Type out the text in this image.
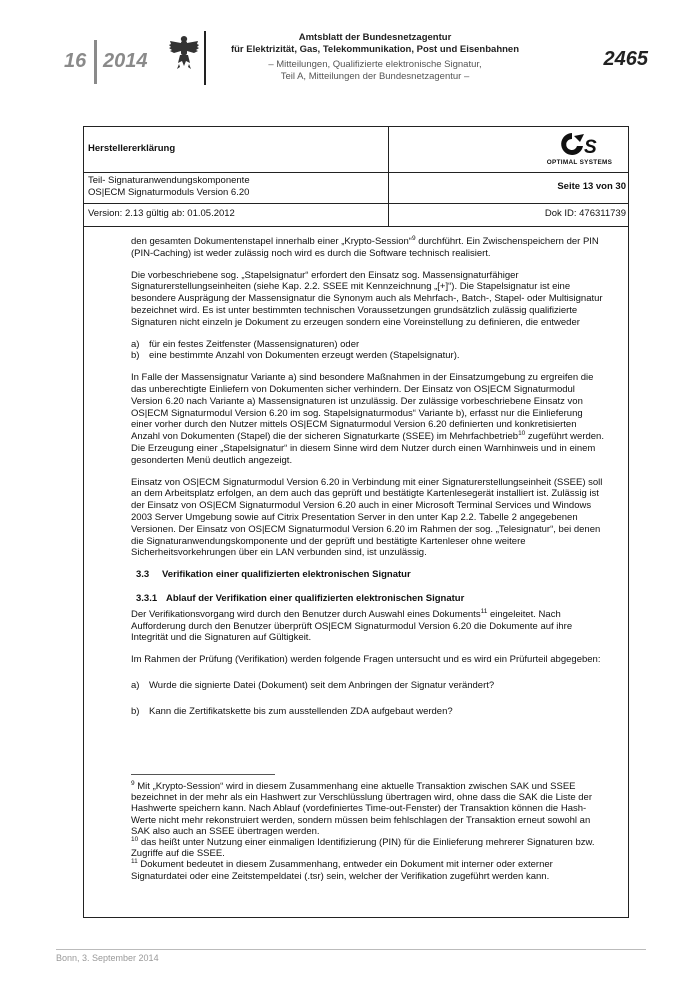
16 2014
Amtsblatt der Bundesnetzagentur
für Elektrizität, Gas, Telekommunikation, Post und Eisenbahnen
– Mitteilungen, Qualifizierte elektronische Signatur,
Teil A, Mitteilungen der Bundesnetzagentur –
2465
Herstellererklärung	S
OPTIMAL SYSTEMS
Teil- Signaturanwendungskomponente
OS|ECM Signaturmoduls Version 6.20
Seite 13 von 30
Version: 2.13 gültig ab: 01.05.2012	Dok ID: 476311739

den gesamten Dokumentenstapel innerhalb einer „Krypto-Session“$^9$ durchführt. Ein Zwischenspeichern der PIN (PIN-Caching) ist weder zulässig noch wird es durch die Software technisch realisiert.

Die vorbeschriebene sog. „Stapelsignatur“ erfordert den Einsatz sog. Massensignaturfähiger Signaturerstellungseinheiten (siehe Kap. 2.2. SSEE mit Kennzeichnung „[+]“). Die Stapelsignatur ist eine besondere Ausprägung der Massensignatur die Synonym auch als Mehrfach-, Batch-, Stapel- oder Multisignatur bezeichnet wird. Es ist unter bestimmten technischen Voraussetzungen grundsätzlich zulässig qualifizierte Signaturen nicht einzeln je Dokument zu erzeugen sondern eine Voreinstellung zu definieren, die entweder

a)	für ein festes Zeitfenster (Massensignaturen) oder
b)	eine bestimmte Anzahl von Dokumenten erzeugt werden (Stapelsignatur).

In Falle der Massensignatur Variante a) sind besondere Maßnahmen in der Einsatzumgebung zu ergreifen die das unberechtigte Einliefern von Dokumenten sicher verhindern. Der Einsatz von OS|ECM Signaturmodul Version 6.20 nach Variante a) Massensignaturen ist unzulässig. Der zulässige vorbeschriebene Einsatz von OS|ECM Signaturmodul Version 6.20 im sog. Stapelsignaturmodus“ Variante b), erfasst nur die Einlieferung einer vorher durch den Nutzer mittels OS|ECM Signaturmodul Version 6.20 definierten und konkretisierten Anzahl von Dokumenten (Stapel) die der sicheren Signaturkarte (SSEE) im Mehrfachbetrieb$^{10}$ zugeführt werden. Die Erzeugung einer „Stapelsignatur“ in diesem Sinne wird dem Nutzer durch einen Warnhinweis und in einem gesonderten Menü deutlich angezeigt.

Einsatz von OS|ECM Signaturmodul Version 6.20 in Verbindung mit einer Signaturerstellungseinheit (SSEE) soll an dem Arbeitsplatz erfolgen, an dem auch das geprüft und bestätigte Kartenlesegerät installiert ist. Zulässig ist der Einsatz von OS|ECM Signaturmodul Version 6.20 auch in einer Microsoft Terminal Services und Windows 2003 Server Umgebung sowie auf Citrix Presentation Server in den unter Kap 2.2. Tabelle 2 angegebenen Versionen. Der Einsatz von OS|ECM Signaturmodul Version 6.20 im Rahmen der sog. „Telesignatur“, bei denen die Signaturanwendungskomponente und der geprüft und bestätigte Kartenleser ohne weitere Sicherheitsvorkehrungen über ein LAN verbunden sind, ist unzulässig.

3.3	Verifikation einer qualifizierten elektronischen Signatur
3.3.1 Ablauf der Verifikation einer qualifizierten elektronischen Signatur

Der Verifikationsvorgang wird durch den Benutzer durch Auswahl eines Dokuments$^{11}$ eingeleitet. Nach Aufforderung durch den Benutzer überprüft OS|ECM Signaturmodul Version 6.20 die Dokumente auf ihre Integrität und die Signaturen auf Gültigkeit.

Im Rahmen der Prüfung (Verifikation) werden folgende Fragen untersucht und es wird ein Prüfurteil abgegeben:

a)	Wurde die signierte Datei (Dokument) seit dem Anbringen der Signatur verändert?
b)	Kann die Zertifikatskette bis zum ausstellenden ZDA aufgebaut werden?

$^9$ Mit „Krypto-Session“ wird in diesem Zusammenhang eine aktuelle Transaktion zwischen SAK und SSEE bezeichnet in der mehr als ein Hashwert zur Verschlüsslung übertragen wird, ohne dass die SAK die Liste der Hashwerte speichern kann. Nach Ablauf (vordefiniertes Time-out-Fenster) der Transaktion können die Hash-Werte nicht mehr rekonstruiert werden, sondern müssen beim fehlschlagen der Transaktion erneut sowohl an SAK also auch an SSEE übertragen werden.

$^{10}$ das heißt unter Nutzung einer einmaligen Identifizierung (PIN) für die Einlieferung mehrerer Signaturen bzw. Zugriffe auf die SSEE.

$^{11}$ Dokument bedeutet in diesem Zusammenhang, entweder ein Dokument mit interner oder externer Signaturdatei oder eine Zeitstempeldatei (.tsr) sein, welcher der Verifikation zugeführt werden kann.

Bonn, 3. September 2014
